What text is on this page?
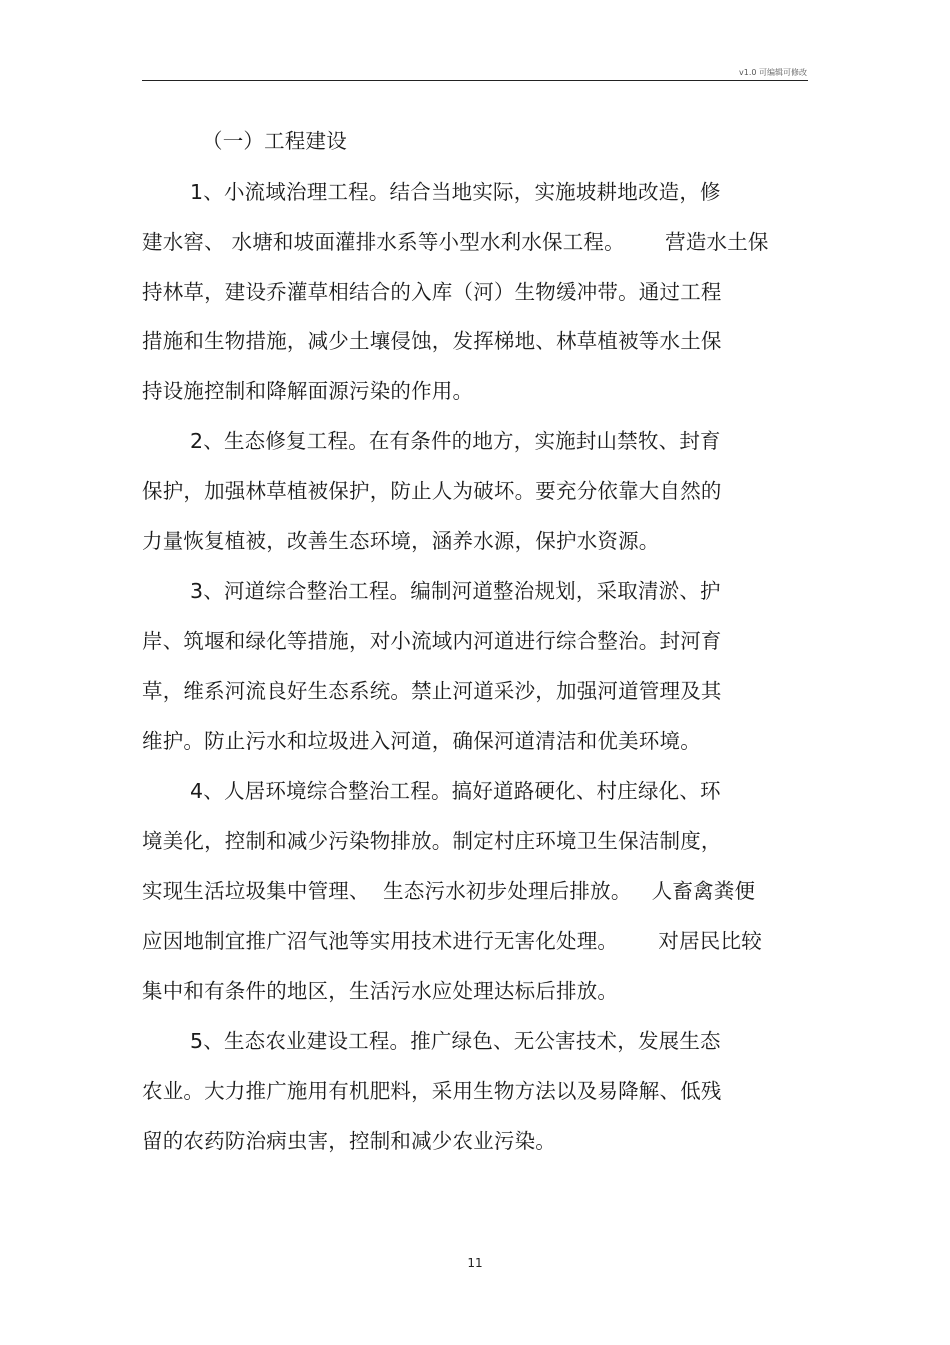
v1.0 可编辑可修改
（一）工程建设
1、小流域治理工程。结合当地实际，实施坡耕地改造，修
建水窖、 水塘和坡面灌排水系等小型水利水保工程。      营造水土保
持林草，建设乔灌草相结合的入库（河）生物缓冲带。通过工程
措施和生物措施，减少土壤侵蚀，发挥梯地、林草植被等水土保
持设施控制和降解面源污染的作用。
2、生态修复工程。在有条件的地方，实施封山禁牧、封育
保护，加强林草植被保护，防止人为破坏。要充分依靠大自然的
力量恢复植被，改善生态环境，涵养水源，保护水资源。
3、河道综合整治工程。编制河道整治规划，采取清淤、护
岸、筑堰和绿化等措施，对小流域内河道进行综合整治。封河育
草，维系河流良好生态系统。禁止河道采沙，加强河道管理及其
维护。防止污水和垃圾进入河道，确保河道清洁和优美环境。
4、人居环境综合整治工程。搞好道路硬化、村庄绿化、环
境美化，控制和减少污染物排放。制定村庄环境卫生保洁制度，
实现生活垃圾集中管理、  生态污水初步处理后排放。   人畜禽粪便
应因地制宜推广沼气池等实用技术进行无害化处理。      对居民比较
集中和有条件的地区，生活污水应处理达标后排放。
5、生态农业建设工程。推广绿色、无公害技术，发展生态
农业。大力推广施用有机肥料，采用生物方法以及易降解、低残
留的农药防治病虫害，控制和减少农业污染。
11
